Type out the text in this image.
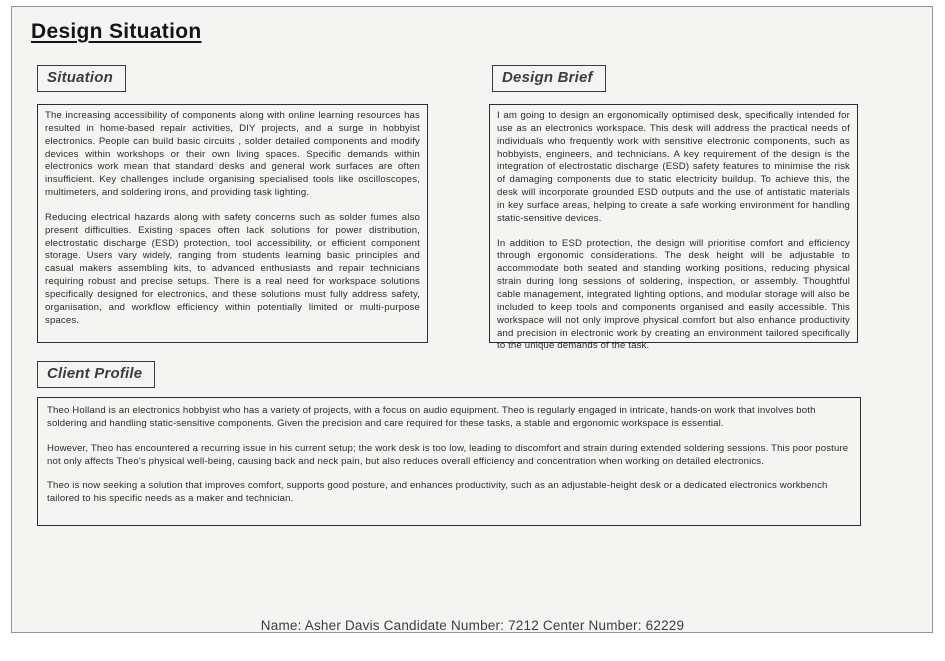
Design Situation
Situation

The increasing accessibility of components along with online learning resources has resulted in home-based repair activities, DIY projects, and a surge in hobbyist electronics. People can build basic circuits , solder detailed components and modify devices within workshops or their own living spaces. Specific demands within electronics work mean that standard desks and general work surfaces are often insufficient. Key challenges include organising specialised tools like oscilloscopes, multimeters, and soldering irons, and providing task lighting.

Reducing electrical hazards along with safety concerns such as solder fumes also present difficulties. Existing spaces often lack solutions for power distribution, electrostatic discharge (ESD) protection, tool accessibility, or efficient component storage. Users vary widely, ranging from students learning basic principles and casual makers assembling kits, to advanced enthusiasts and repair technicians requiring robust and precise setups. There is a real need for workspace solutions specifically designed for electronics, and these solutions must fully address safety, organisation, and workflow efficiency within potentially limited or multi-purpose spaces.

Design Brief

I am going to design an ergonomically optimised desk, specifically intended for use as an electronics workspace. This desk will address the practical needs of individuals who frequently work with sensitive electronic components, such as hobbyists, engineers, and technicians. A key requirement of the design is the integration of electrostatic discharge (ESD) safety features to minimise the risk of damaging components due to static electricity buildup. To achieve this, the desk will incorporate grounded ESD outputs and the use of antistatic materials in key surface areas, helping to create a safe working environment for handling static-sensitive devices.

In addition to ESD protection, the design will prioritise comfort and efficiency through ergonomic considerations. The desk height will be adjustable to accommodate both seated and standing working positions, reducing physical strain during long sessions of soldering, inspection, or assembly. Thoughtful cable management, integrated lighting options, and modular storage will also be included to keep tools and components organised and easily accessible. This workspace will not only improve physical comfort but also enhance productivity and precision in electronic work by creating an environment tailored specifically to the unique demands of the task.

Client Profile

Theo Holland is an electronics hobbyist who has a variety of projects, with a focus on audio equipment. Theo is regularly engaged in intricate, hands-on work that involves both soldering and handling static-sensitive components. Given the precision and care required for these tasks, a stable and ergonomic workspace is essential.

However, Theo has encountered a recurring issue in his current setup; the work desk is too low, leading to discomfort and strain during extended soldering sessions. This poor posture not only affects Theo's physical well-being, causing back and neck pain, but also reduces overall efficiency and concentration when working on detailed electronics.

Theo is now seeking a solution that improves comfort, supports good posture, and enhances productivity, such as an adjustable-height desk or a dedicated electronics workbench tailored to his specific needs as a maker and technician.

Name: Asher Davis Candidate Number: 7212 Center Number: 62229
